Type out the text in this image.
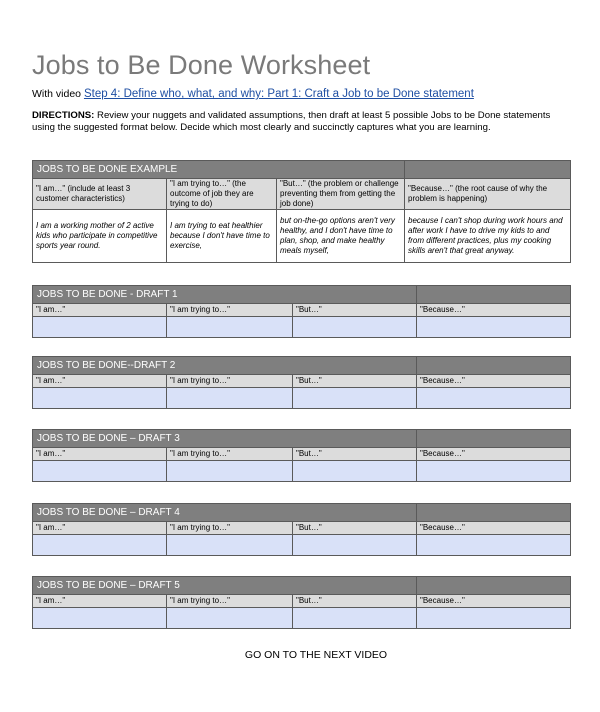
Jobs to Be Done Worksheet
With video Step 4: Define who, what, and why: Part 1: Craft a Job to be Done statement
DIRECTIONS: Review your nuggets and validated assumptions, then draft at least 5 possible Jobs to be Done statements using the suggested format below. Decide which most clearly and succinctly captures what you are learning.
JOBS TO BE DONE EXAMPLE			
"I am…" (include at least 3 customer characteristics)	"I am trying to…" (the outcome of job they are trying to do)	"But…" (the problem or challenge preventing them from getting the job done)	"Because…" (the root cause of why the problem is happening)
I am a working mother of 2 active kids who participate in competitive sports year round.	I am trying to eat healthier because I don't have time to exercise,	but on-the-go options aren't very healthy, and I don't have time to plan, shop, and make healthy meals myself,	because I can't shop during work hours and after work I have to drive my kids to and from different practices, plus my cooking skills aren't that great anyway.
JOBS TO BE DONE - DRAFT 1			
"I am…"	"I am trying to…"	"But…"	"Because…"

JOBS TO BE DONE--DRAFT 2			
"I am…"	"I am trying to…"	"But…"	"Because…"

JOBS TO BE DONE – DRAFT 3			
"I am…"	"I am trying to…"	"But…"	"Because…"

JOBS TO BE DONE – DRAFT 4			
"I am…"	"I am trying to…"	"But…"	"Because…"

JOBS TO BE DONE – DRAFT 5			
"I am…"	"I am trying to…"	"But…"	"Because…"

GO ON TO THE NEXT VIDEO
